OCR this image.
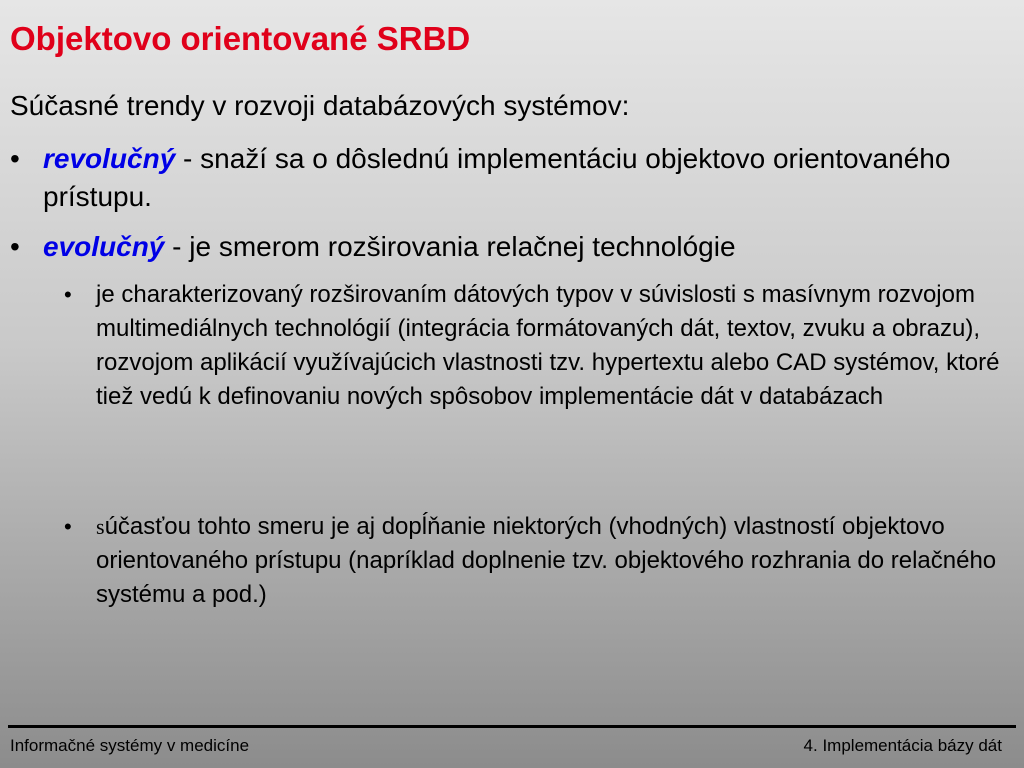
Objektovo orientované SRBD
Súčasné trendy v rozvoji databázových systémov:
• revolučný - snaží sa o dôslednú implementáciu objektovo orientovaného prístupu.
• evolučný - je smerom rozširovania relačnej technológie
•	je charakterizovaný rozširovaním dátových typov v súvislosti s masívnym rozvojom multimediálnych technológií (integrácia formátovaných dát, textov, zvuku a obrazu), rozvojom aplikácií využívajúcich vlastnosti tzv. hypertextu alebo CAD systémov, ktoré tiež vedú k definovaniu nových spôsobov implementácie dát v databázach
•	súčasťou tohto smeru je aj dopĺňanie niektorých (vhodných) vlastností objektovo orientovaného prístupu (napríklad doplnenie tzv. objektového rozhrania do relačného systému a pod.)
Informačné systémy v medicíne	4. Implementácia bázy dát
